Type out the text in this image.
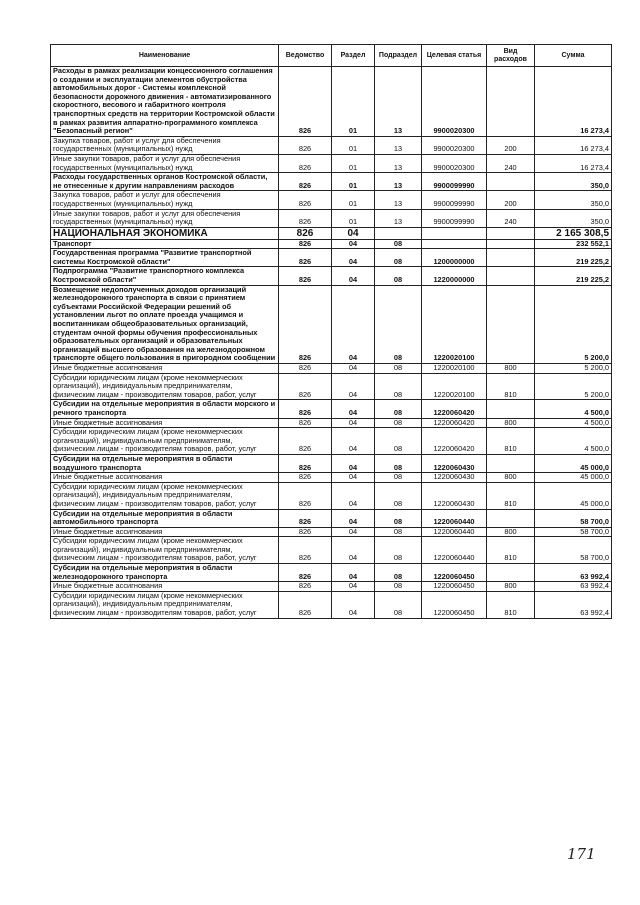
Наименование	Ведомство	Раздел	Подраздел	Целевая статья	Вид расходов	Сумма
Расходы в рамках реализации концессионного соглашения о создании и эксплуатации элементов обустройства автомобильных дорог - Системы комплексной безопасности дорожного движения - автоматизированного скоростного, весового и габаритного контроля транспортных средств на территории Костромской области в рамках развития аппаратно-программного комплекса "Безопасный регион"	826	01	13	9900020300		16 273,4
Закупка товаров, работ и услуг для обеспечения государственных (муниципальных) нужд	826	01	13	9900020300	200	16 273,4
Иные закупки товаров, работ и услуг для обеспечения государственных (муниципальных) нужд	826	01	13	9900020300	240	16 273,4
Расходы государственных органов Костромской области, не отнесенные к другим направлениям расходов	826	01	13	9900099990		350,0
Закупка товаров, работ и услуг для обеспечения государственных (муниципальных) нужд	826	01	13	9900099990	200	350,0
Иные закупки товаров, работ и услуг для обеспечения государственных (муниципальных) нужд	826	01	13	9900099990	240	350,0
НАЦИОНАЛЬНАЯ ЭКОНОМИКА	826	04				2 165 308,5
Транспорт	826	04	08			232 552,1
Государственная программа "Развитие транспортной системы Костромской области"	826	04	08	1200000000		219 225,2
Подпрограмма "Развитие транспортного комплекса Костромской области"	826	04	08	1220000000		219 225,2
Возмещение недополученных доходов организаций железнодорожного транспорта в связи с принятием субъектами Российской Федерации решений об установлении льгот по оплате проезда учащимся и воспитанникам общеобразовательных организаций, студентам очной формы обучения профессиональных образовательных организаций и образовательных организаций высшего образования на железнодорожном транспорте общего пользования в пригородном сообщении	826	04	08	1220020100		5 200,0
Иные бюджетные ассигнования	826	04	08	1220020100	800	5 200,0
Субсидии юридическим лицам (кроме некоммерческих организаций), индивидуальным предпринимателям, физическим лицам - производителям товаров, работ, услуг	826	04	08	1220020100	810	5 200,0
Субсидии на отдельные мероприятия в области морского и речного транспорта	826	04	08	1220060420		4 500,0
Иные бюджетные ассигнования	826	04	08	1220060420	800	4 500,0
Субсидии юридическим лицам (кроме некоммерческих организаций), индивидуальным предпринимателям, физическим лицам - производителям товаров, работ, услуг	826	04	08	1220060420	810	4 500,0
Субсидии на отдельные мероприятия в области воздушного транспорта	826	04	08	1220060430		45 000,0
Иные бюджетные ассигнования	826	04	08	1220060430	800	45 000,0
Субсидии юридическим лицам (кроме некоммерческих организаций), индивидуальным предпринимателям, физическим лицам - производителям товаров, работ, услуг	826	04	08	1220060430	810	45 000,0
Субсидии на отдельные мероприятия в области автомобильного транспорта	826	04	08	1220060440		58 700,0
Иные бюджетные ассигнования	826	04	08	1220060440	800	58 700,0
Субсидии юридическим лицам (кроме некоммерческих организаций), индивидуальным предпринимателям, физическим лицам - производителям товаров, работ, услуг	826	04	08	1220060440	810	58 700,0
Субсидии на отдельные мероприятия в области железнодорожного транспорта	826	04	08	1220060450		63 992,4
Иные бюджетные ассигнования	826	04	08	1220060450	800	63 992,4
Субсидии юридическим лицам (кроме некоммерческих организаций), индивидуальным предпринимателям, физическим лицам - производителям товаров, работ, услуг	826	04	08	1220060450	810	63 992,4
171
